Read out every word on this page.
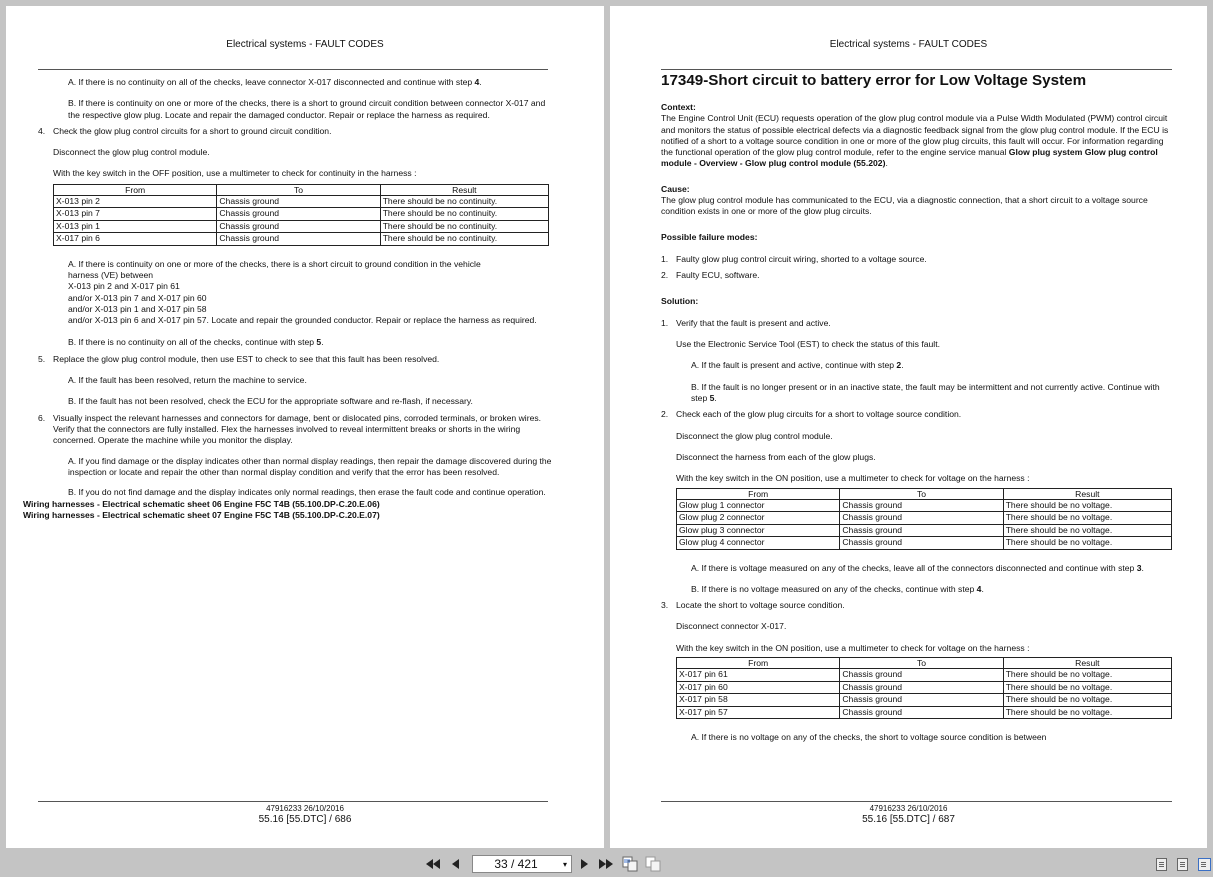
Electrical systems - FAULT CODES
A. If there is no continuity on all of the checks, leave connector X-017 disconnected and continue with step 4.
B. If there is continuity on one or more of the checks, there is a short to ground circuit condition between connector X-017 and the respective glow plug. Locate and repair the damaged conductor. Repair or replace the harness as required.
4. Check the glow plug control circuits for a short to ground circuit condition.
Disconnect the glow plug control module.
With the key switch in the OFF position, use a multimeter to check for continuity in the harness :
From	To	Result
X-013 pin 2	Chassis ground	There should be no continuity.
X-013 pin 7	Chassis ground	There should be no continuity.
X-013 pin 1	Chassis ground	There should be no continuity.
X-017 pin 6	Chassis ground	There should be no continuity.
A. If there is continuity on one or more of the checks, there is a short circuit to ground condition in the vehicle
harness (VE) between
X-013 pin 2 and X-017 pin 61
and/or X-013 pin 7 and X-017 pin 60
and/or X-013 pin 1 and X-017 pin 58
and/or X-013 pin 6 and X-017 pin 57. Locate and repair the grounded conductor. Repair or replace the harness as required.
B. If there is no continuity on all of the checks, continue with step 5.
5. Replace the glow plug control module, then use EST to check to see that this fault has been resolved.
A. If the fault has been resolved, return the machine to service.
B. If the fault has not been resolved, check the ECU for the appropriate software and re-flash, if necessary.
6. Visually inspect the relevant harnesses and connectors for damage, bent or dislocated pins, corroded terminals, or broken wires. Verify that the connectors are fully installed. Flex the harnesses involved to reveal intermittent breaks or shorts in the wiring concerned. Operate the machine while you monitor the display.
A. If you find damage or the display indicates other than normal display readings, then repair the damage discovered during the inspection or locate and repair the other than normal display condition and verify that the error has been resolved.
B. If you do not find damage and the display indicates only normal readings, then erase the fault code and continue operation.
Wiring harnesses - Electrical schematic sheet 06 Engine F5C T4B (55.100.DP-C.20.E.06)
Wiring harnesses - Electrical schematic sheet 07 Engine F5C T4B (55.100.DP-C.20.E.07)
47916233 26/10/2016
55.16 [55.DTC] / 686
Electrical systems - FAULT CODES
17349-Short circuit to battery error for Low Voltage System
Context:
The Engine Control Unit (ECU) requests operation of the glow plug control module via a Pulse Width Modulated (PWM) control circuit and monitors the status of possible electrical defects via a diagnostic feedback signal from the glow plug control module. If the ECU is notified of a short to a voltage source condition in one or more of the glow plug circuits, this fault will occur. For information regarding the functional operation of the glow plug control module, refer to the engine service manual Glow plug system Glow plug control module - Overview - Glow plug control module (55.202).
Cause:
The glow plug control module has communicated to the ECU, via a diagnostic connection, that a short circuit to a voltage source condition exists in one or more of the glow plug circuits.
Possible failure modes:
1. Faulty glow plug control circuit wiring, shorted to a voltage source.
2. Faulty ECU, software.
Solution:
1. Verify that the fault is present and active.
Use the Electronic Service Tool (EST) to check the status of this fault.
A. If the fault is present and active, continue with step 2.
B. If the fault is no longer present or in an inactive state, the fault may be intermittent and not currently active. Continue with step 5.
2. Check each of the glow plug circuits for a short to voltage source condition.
Disconnect the glow plug control module.
Disconnect the harness from each of the glow plugs.
With the key switch in the ON position, use a multimeter to check for voltage on the harness :
From	To	Result
Glow plug 1 connector	Chassis ground	There should be no voltage.
Glow plug 2 connector	Chassis ground	There should be no voltage.
Glow plug 3 connector	Chassis ground	There should be no voltage.
Glow plug 4 connector	Chassis ground	There should be no voltage.
A. If there is voltage measured on any of the checks, leave all of the connectors disconnected and continue with step 3.
B. If there is no voltage measured on any of the checks, continue with step 4.
3. Locate the short to voltage source condition.
Disconnect connector X-017.
With the key switch in the ON position, use a multimeter to check for voltage on the harness :
From	To	Result
X-017 pin 61	Chassis ground	There should be no voltage.
X-017 pin 60	Chassis ground	There should be no voltage.
X-017 pin 58	Chassis ground	There should be no voltage.
X-017 pin 57	Chassis ground	There should be no voltage.
A. If there is no voltage on any of the checks, the short to voltage source condition is between
47916233 26/10/2016
55.16 [55.DTC] / 687
33 / 421	▾
